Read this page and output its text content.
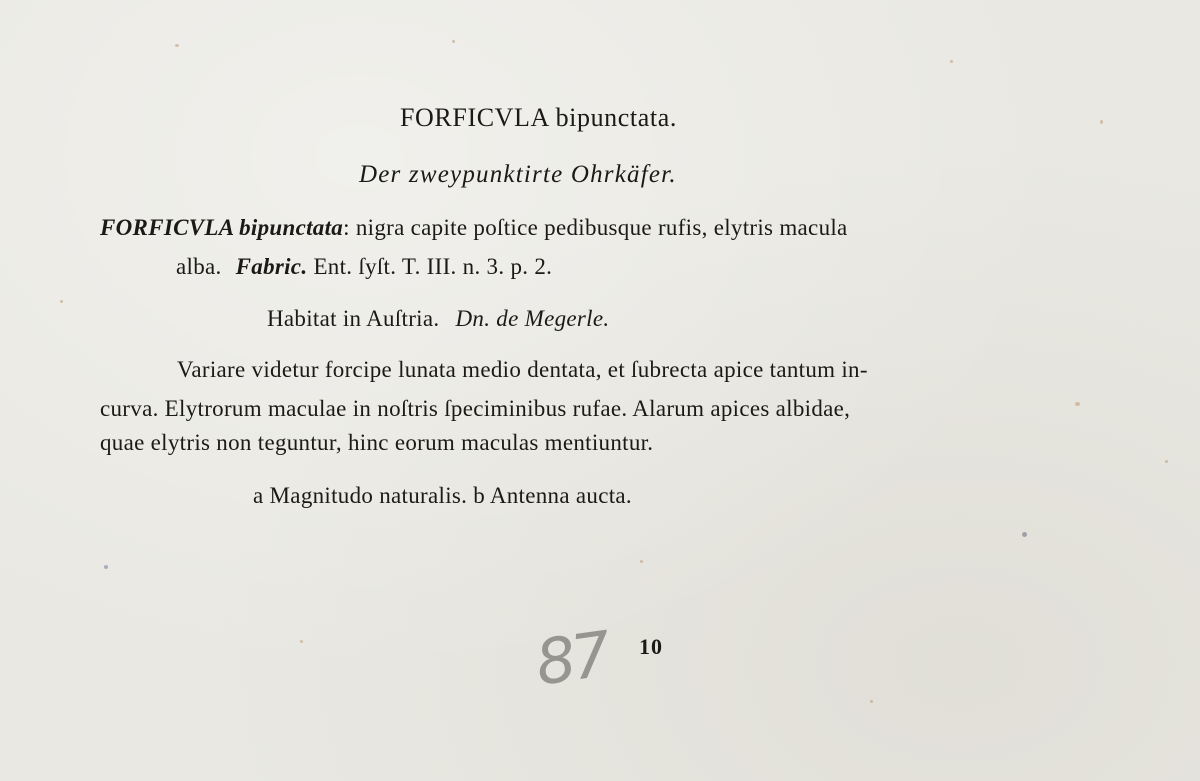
FORFICVLA bipunctata.
Der zweypunktirte Ohrkäfer.
FORFICVLA bipunctata: nigra capite poſtice pedibusque rufis, elytris macula
alba. Fabric. Ent. ſyſt. T. III. n. 3. p. 2.
Habitat in Auſtria. Dn. de Megerle.
Variare videtur forcipe lunata medio dentata, et ſubrecta apice tantum in-
curva. Elytrorum maculae in noſtris ſpeciminibus rufae. Alarum apices albidae,
quae elytris non teguntur, hinc eorum maculas mentiuntur.
a Magnitudo naturalis. b Antenna aucta.
87 10
